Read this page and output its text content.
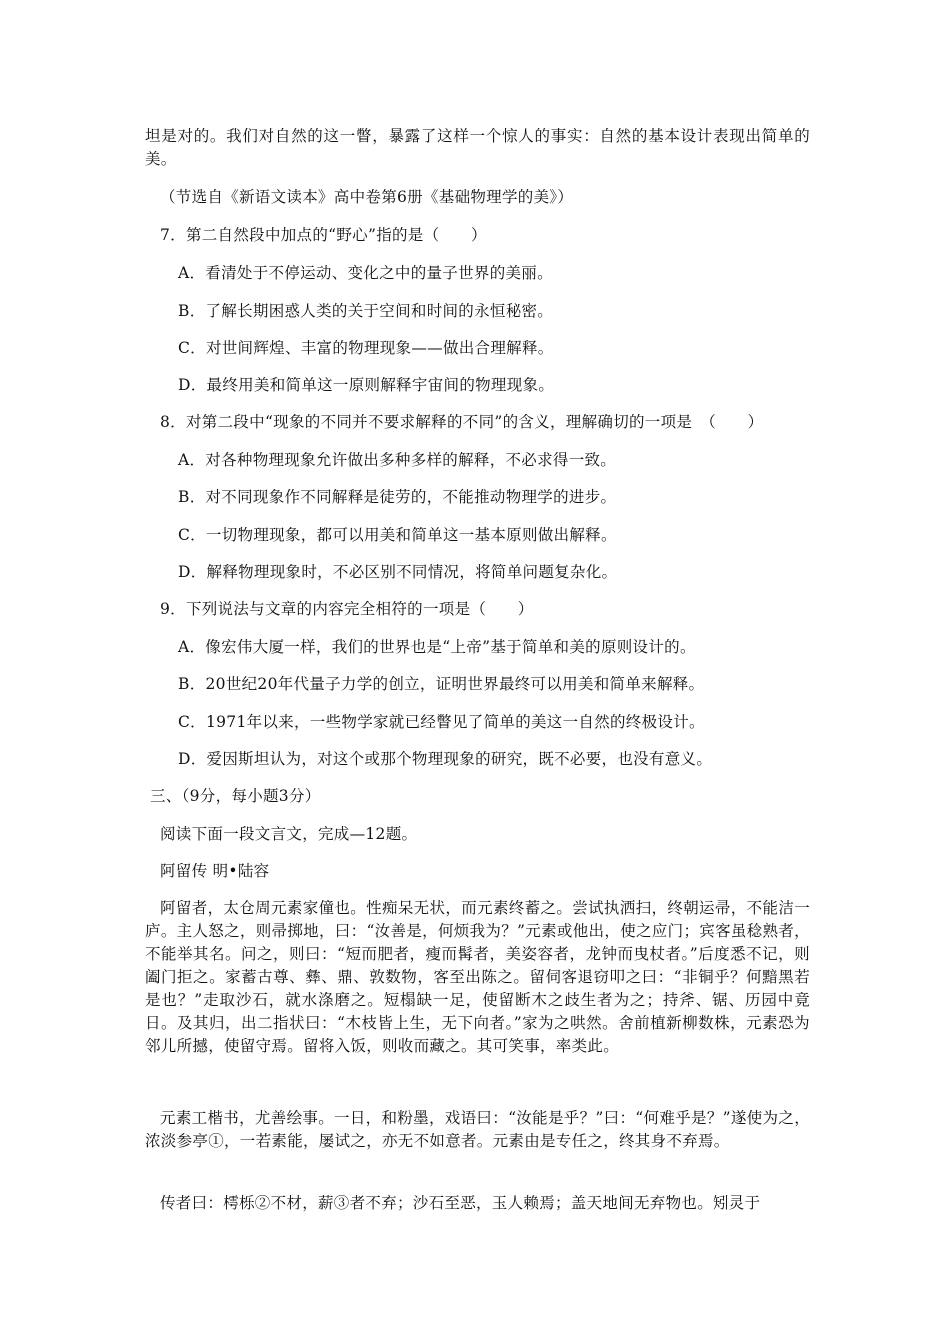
坦是对的。我们对自然的这一瞥，暴露了这样一个惊人的事实：自然的基本设计表现出简单的美。
（节选自《新语文读本》高中卷第6册《基础物理学的美》）
7．第二自然段中加点的“野心”指的是（　　）
A．看清处于不停运动、变化之中的量子世界的美丽。
B．了解长期困惑人类的关于空间和时间的永恒秘密。
C．对世间辉煌、丰富的物理现象——做出合理解释。
D．最终用美和简单这一原则解释宇宙间的物理现象。
8．对第二段中“现象的不同并不要求解释的不同”的含义，理解确切的一项是　（　　）
A．对各种物理现象允许做出多种多样的解释，不必求得一致。
B．对不同现象作不同解释是徒劳的，不能推动物理学的进步。
C．一切物理现象，都可以用美和简单这一基本原则做出解释。
D．解释物理现象时，不必区别不同情况，将简单问题复杂化。
9．下列说法与文章的内容完全相符的一项是（　　）
A．像宏伟大厦一样，我们的世界也是“上帝”基于简单和美的原则设计的。
B．20世纪20年代量子力学的创立，证明世界最终可以用美和简单来解释。
C．1971年以来，一些物学家就已经瞥见了简单的美这一自然的终极设计。
D．爱因斯坦认为，对这个或那个物理现象的研究，既不必要，也没有意义。
三、（9分，每小题3分）
阅读下面一段文言文，完成—12题。
阿留传 明•陆容
阿留者，太仓周元素家僮也。性痴呆无状，而元素终蓄之。尝试执洒扫，终朝运帚，不能洁一庐。主人怒之，则帚掷地，曰：“汝善是，何烦我为？”元素或他出，使之应门；宾客虽稔熟者，不能举其名。问之，则曰：“短而肥者，瘦而髯者，美姿容者，龙钟而曳杖者。”后度悉不记，则阖门拒之。家蓄古尊、彝、鼎、敦数物，客至出陈之。留伺客退窃叩之曰：“非铜乎？何黯黑若是也？”走取沙石，就水涤磨之。短榻缺一足，使留断木之歧生者为之；持斧、锯、历园中竟日。及其归，出二指状曰：“木枝皆上生，无下向者。”家为之哄然。舍前植新柳数株，元素恐为邻儿所撼，使留守焉。留将入饭，则收而藏之。其可笑事，率类此。
元素工楷书，尤善绘事。一日，和粉墨，戏语曰：“汝能是乎？”曰：“何难乎是？”遂使为之，浓淡参亭①，一若素能，屡试之，亦无不如意者。元素由是专任之，终其身不弃焉。
传者曰：樗栎②不材，薪③者不弃；沙石至恶，玉人赖焉；盖天地间无弃物也。矧灵于
